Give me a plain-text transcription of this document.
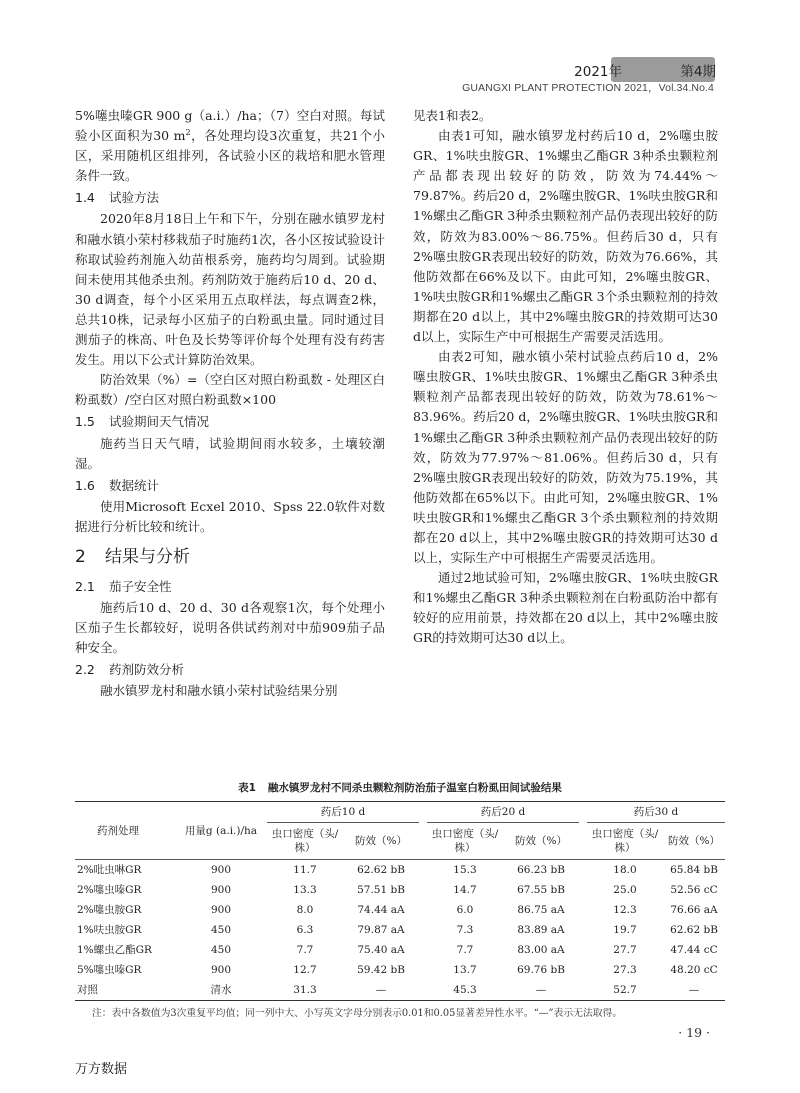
2021年	第4期
GUANGXI PLANT PROTECTION 2021，Vol.34.No.4

5%噻虫嗪GR 900 g（a.i.）/ha；（7）空白对照。每试验小区面积为30 $m^2$，各处理均设3次重复，共21个小区，采用随机区组排列，各试验小区的栽培和肥水管理条件一致。

1.4 试验方法

2020年8月18日上午和下午，分别在融水镇罗龙村和融水镇小荣村移栽茄子时施药1次，各小区按试验设计称取试验药剂施入幼苗根系旁，施药均匀周到。试验期间未使用其他杀虫剂。药剂防效于施药后10 d、20 d、30 d调查，每个小区采用五点取样法，每点调查2株，总共10株，记录每小区茄子的白粉虱虫量。同时通过目测茄子的株高、叶色及长势等评价每个处理有没有药害发生。用以下公式计算防治效果。

防治效果（%）=（空白区对照白粉虱数 - 处理区白粉虱数）/空白区对照白粉虱数×100

1.5 试验期间天气情况

施药当日天气晴，试验期间雨水较多，土壤较潮湿。

1.6 数据统计

使用Microsoft Ecxel 2010、Spss 22.0软件对数据进行分析比较和统计。

2 结果与分析
2.1 茄子安全性

施药后10 d、20 d、30 d各观察1次，每个处理小区茄子生长都较好，说明各供试药剂对中茄909茄子品种安全。

2.2 药剂防效分析

融水镇罗龙村和融水镇小荣村试验结果分别

见表1和表2。

由表1可知，融水镇罗龙村药后10 d，2%噻虫胺GR、1%呋虫胺GR、1%螺虫乙酯GR 3种杀虫颗粒剂产品都表现出较好的防效，防效为74.44%～79.87%。药后20 d，2%噻虫胺GR、1%呋虫胺GR和1%螺虫乙酯GR 3种杀虫颗粒剂产品仍表现出较好的防效，防效为83.00%～86.75%。但药后30 d，只有2%噻虫胺GR表现出较好的防效，防效为76.66%，其他防效都在66%及以下。由此可知，2%噻虫胺GR、1%呋虫胺GR和1%螺虫乙酯GR 3个杀虫颗粒剂的持效期都在20 d以上，其中2%噻虫胺GR的持效期可达30 d以上，实际生产中可根据生产需要灵活选用。

由表2可知，融水镇小荣村试验点药后10 d，2%噻虫胺GR、1%呋虫胺GR、1%螺虫乙酯GR 3种杀虫颗粒剂产品都表现出较好的防效，防效为78.61%～83.96%。药后20 d，2%噻虫胺GR、1%呋虫胺GR和1%螺虫乙酯GR 3种杀虫颗粒剂产品仍表现出较好的防效，防效为77.97%～81.06%。但药后30 d，只有2%噻虫胺GR表现出较好的防效，防效为75.19%，其他防效都在65%以下。由此可知，2%噻虫胺GR、1%呋虫胺GR和1%螺虫乙酯GR 3个杀虫颗粒剂的持效期都在20 d以上，其中2%噻虫胺GR的持效期可达30 d以上，实际生产中可根据生产需要灵活选用。

通过2地试验可知，2%噻虫胺GR、1%呋虫胺GR和1%螺虫乙酯GR 3种杀虫颗粒剂在白粉虱防治中都有较好的应用前景，持效都在20 d以上，其中2%噻虫胺GR的持效期可达30 d以上。

表1 融水镇罗龙村不同杀虫颗粒剂防治茄子温室白粉虱田间试验结果
药剂处理	用量g (a.i.)/ha	药后10 d			药后20 d			药后30 d	
		虫口密度（头/株）	防效（%）		虫口密度（头/株）	防效（%）		虫口密度（头/株）	防效（%）
2%吡虫啉GR	900	11.7	62.62 bB		15.3	66.23 bB		18.0	65.84 bB
2%噻虫嗪GR	900	13.3	57.51 bB		14.7	67.55 bB		25.0	52.56 cC
2%噻虫胺GR	900	8.0	74.44 aA		6.0	86.75 aA		12.3	76.66 aA
1%呋虫胺GR	450	6.3	79.87 aA		7.3	83.89 aA		19.7	62.62 bB
1%螺虫乙酯GR	450	7.7	75.40 aA		7.7	83.00 aA		27.7	47.44 cC
5%噻虫嗪GR	900	12.7	59.42 bB		13.7	69.76 bB		27.3	48.20 cC
对照	清水	31.3	—		45.3	—		52.7	—
注：表中各数值为3次重复平均值；同一列中大、小写英文字母分别表示0.01和0.05显著差异性水平。“—”表示无法取得。
· 19 ·
万方数据
